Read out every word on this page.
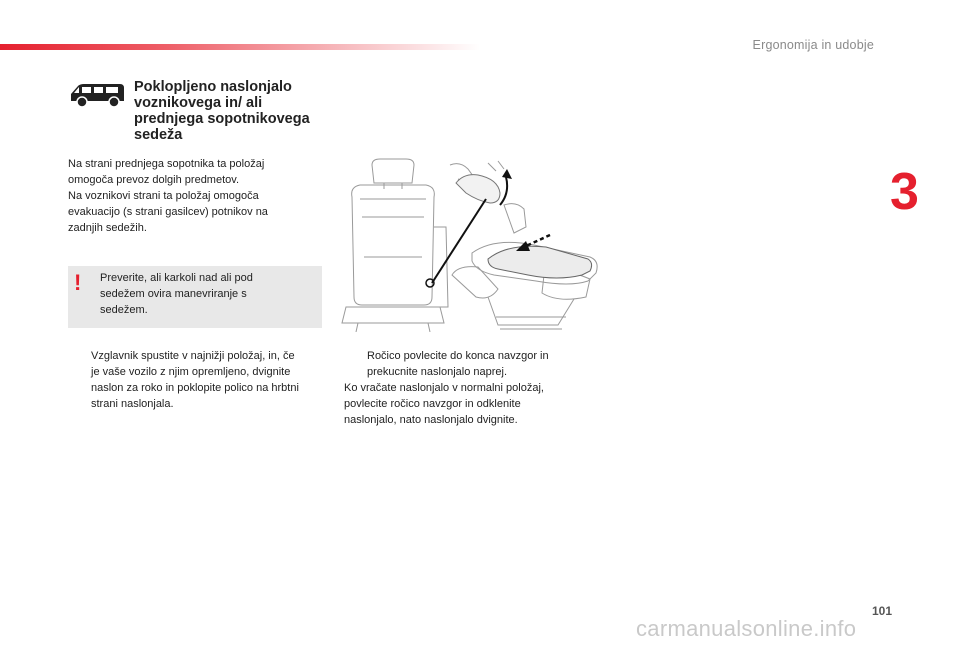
Ergonomija in udobje
3
Poklopljeno naslonjalo voznikovega in/ ali prednjega sopotnikovega sedeža
Na strani prednjega sopotnika ta položaj
omogoča prevoz dolgih predmetov.
Na voznikovi strani ta položaj omogoča
evakuacijo (s strani gasilcev) potnikov na
zadnjih sedežih.
! Preverite, ali karkoli nad ali pod
sedežem ovira manevriranje s
sedežem.
Vzglavnik spustite v najnižji položaj, in, če
je vaše vozilo z njim opremljeno, dvignite
naslon za roko in poklopite polico na hrbtni
strani naslonjala.
Ročico povlecite do konca navzgor in
prekucnite naslonjalo naprej.
Ko vračate naslonjalo v normalni položaj,
povlecite ročico navzgor in odklenite
naslonjalo, nato naslonjalo dvignite.
101
carmanualsonline.info
